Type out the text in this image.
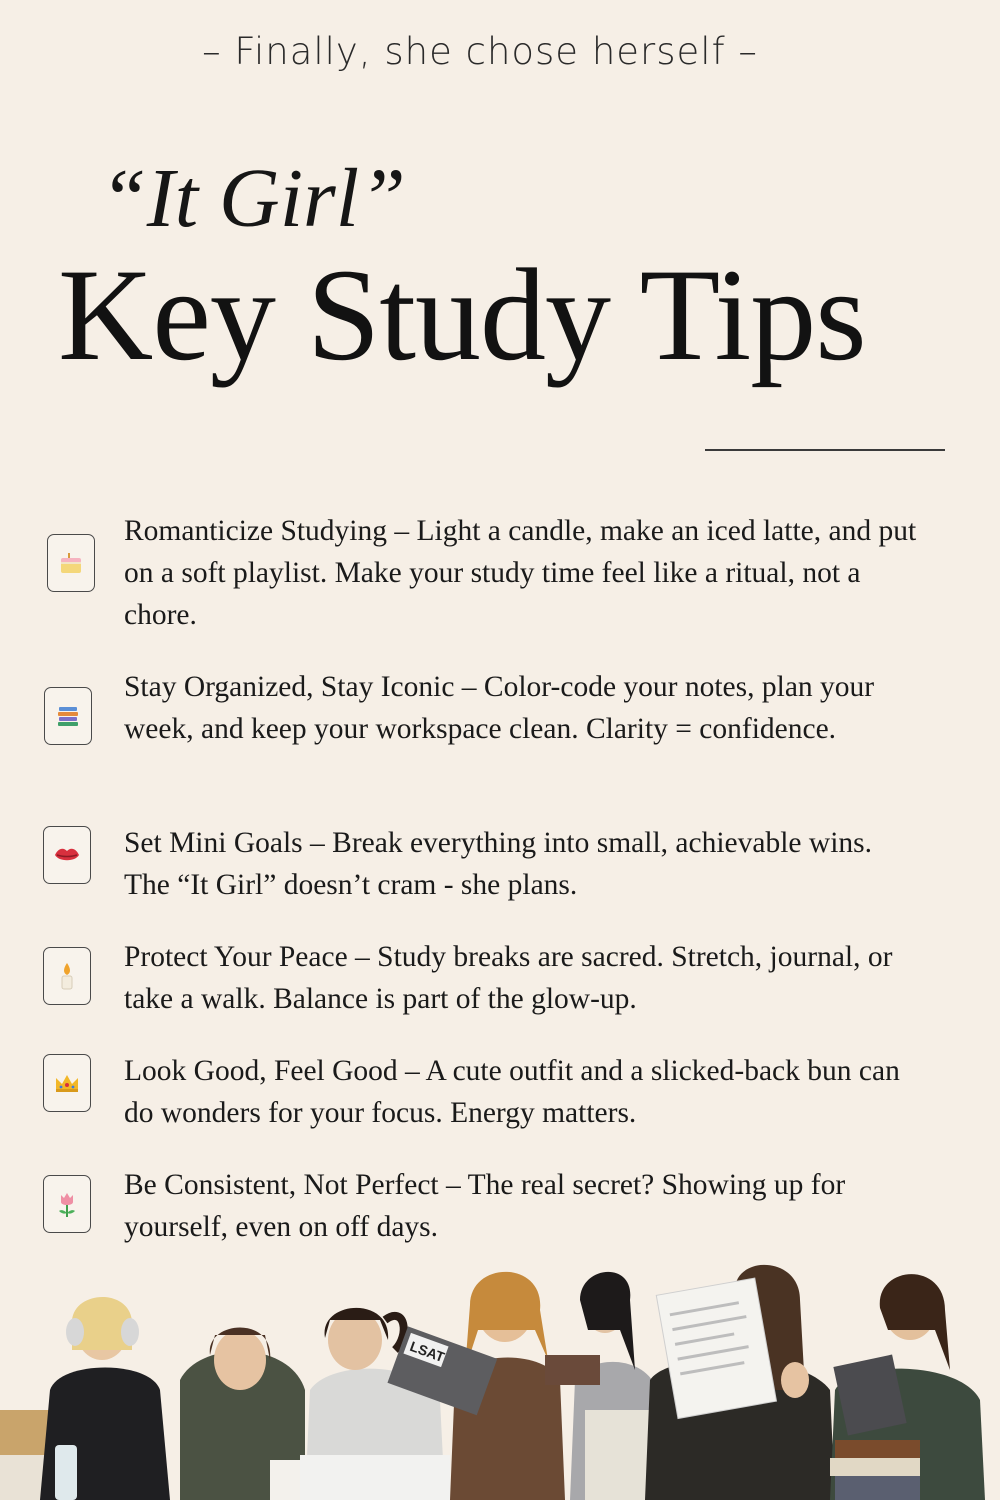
– Finally, she chose herself –
“It Girl”
Key Study Tips
Romanticize Studying – Light a candle, make an iced latte, and put on a soft playlist. Make your study time feel like a ritual, not a chore.
Stay Organized, Stay Iconic – Color-code your notes, plan your week, and keep your workspace clean. Clarity = confidence.
Set Mini Goals – Break everything into small, achievable wins. The “It Girl” doesn’t cram - she plans.
Protect Your Peace – Study breaks are sacred. Stretch, journal, or take a walk. Balance is part of the glow-up.
Look Good, Feel Good – A cute outfit and a slicked-back bun can do wonders for your focus. Energy matters.
Be Consistent, Not Perfect – The real secret? Showing up for yourself, even on off days.
LSAT
